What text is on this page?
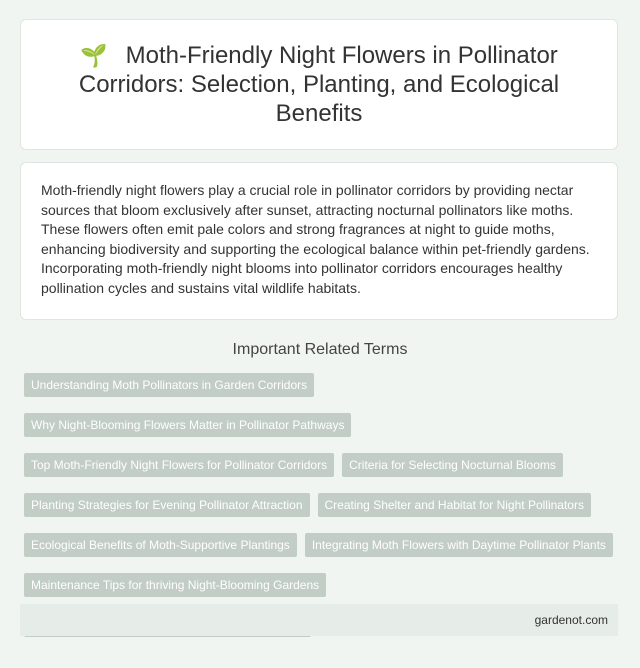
🌱 Moth-Friendly Night Flowers in Pollinator Corridors: Selection, Planting, and Ecological Benefits

Moth-friendly night flowers play a crucial role in pollinator corridors by providing nectar sources that bloom exclusively after sunset, attracting nocturnal pollinators like moths. These flowers often emit pale colors and strong fragrances at night to guide moths, enhancing biodiversity and supporting the ecological balance within pet-friendly gardens. Incorporating moth-friendly night blooms into pollinator corridors encourages healthy pollination cycles and sustains vital wildlife habitats.

Important Related Terms
Understanding Moth Pollinators in Garden Corridors
Why Night-Blooming Flowers Matter in Pollinator Pathways
Top Moth-Friendly Night Flowers for Pollinator Corridors	Criteria for Selecting Nocturnal Blooms
Planting Strategies for Evening Pollinator Attraction	Creating Shelter and Habitat for Night Pollinators
Ecological Benefits of Moth-Supportive Plantings	Integrating Moth Flowers with Daytime Pollinator Plants
Maintenance Tips for thriving Night-Blooming Gardens
gardenot.com
